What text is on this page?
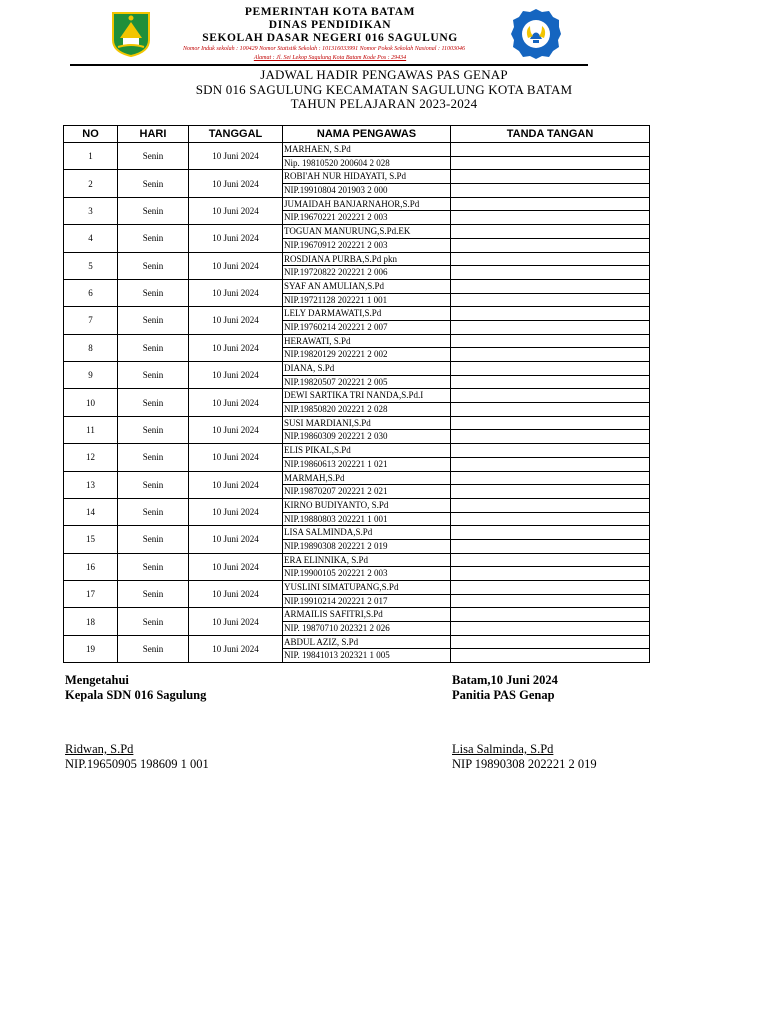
PEMERINTAH KOTA BATAM
DINAS PENDIDIKAN
SEKOLAH DASAR NEGERI 016 SAGULUNG
Nomor Induk sekolah : 100429 Nomor Statistik Sekolah : 101316033991 Nomor Pokok Sekolah Nasional : 11003046
Alamat : Jl. Sei Lekop Sagulung Kota Batam Kode Pos : 29434
JADWAL HADIR PENGAWAS PAS GENAP
SDN 016 SAGULUNG KECAMATAN SAGULUNG KOTA BATAM
TAHUN PELAJARAN 2023-2024
NO	HARI	TANGGAL	NAMA PENGAWAS	TANDA TANGAN
1	Senin	10 Juni 2024	MARHAEN, S.Pd	
			Nip. 19810520 200604 2 028	
2	Senin	10 Juni 2024	ROBI'AH NUR HIDAYATI, S.Pd	
			NIP.19910804 201903 2 000	
3	Senin	10 Juni 2024	JUMAIDAH BANJARNAHOR,S.Pd	
			NIP.19670221 202221 2 003	
4	Senin	10 Juni 2024	TOGUAN MANURUNG,S.Pd.EK	
			NIP.19670912 202221 2 003	
5	Senin	10 Juni 2024	ROSDIANA PURBA,S.Pd pkn	
			NIP.19720822 202221 2 006	
6	Senin	10 Juni 2024	SYAF AN AMULIAN,S.Pd	
			NIP.19721128 202221 1 001	
7	Senin	10 Juni 2024	LELY DARMAWATI,S.Pd	
			NIP.19760214 202221 2 007	
8	Senin	10 Juni 2024	HERAWATI, S.Pd	
			NIP.19820129 202221 2 002	
9	Senin	10 Juni 2024	DIANA, S.Pd	
			NIP.19820507 202221 2 005	
10	Senin	10 Juni 2024	DEWI SARTIKA TRI NANDA,S.Pd.I	
			NIP.19850820 202221 2 028	
11	Senin	10 Juni 2024	SUSI MARDIANI,S.Pd	
			NIP.19860309 202221 2 030	
12	Senin	10 Juni 2024	ELIS PIKAL,S.Pd	
			NIP.19860613 202221 1 021	
13	Senin	10 Juni 2024	MARMAH,S.Pd	
			NIP.19870207 202221 2 021	
14	Senin	10 Juni 2024	KIRNO BUDIYANTO, S.Pd	
			NIP.19880803 202221 1 001	
15	Senin	10 Juni 2024	LISA SALMINDA,S.Pd	
			NIP.19890308 202221 2 019	
16	Senin	10 Juni 2024	ERA ELINNIKA, S.Pd	
			NIP.19900105 202221 2 003	
17	Senin	10 Juni 2024	YUSLINI SIMATUPANG,S.Pd	
			NIP.19910214 202221 2 017	
18	Senin	10 Juni 2024	ARMAILIS SAFITRI,S.Pd	
			NIP. 19870710 202321 2 026	
19	Senin	10 Juni 2024	ABDUL AZIZ, S.Pd	
			NIP. 19841013 202321 1 005	
Mengetahui
Kepala SDN 016 Sagulung
Ridwan, S.Pd
NIP.19650905 198609 1 001
Batam,10 Juni 2024
Panitia PAS Genap
Lisa Salminda, S.Pd
NIP 19890308 202221 2 019
